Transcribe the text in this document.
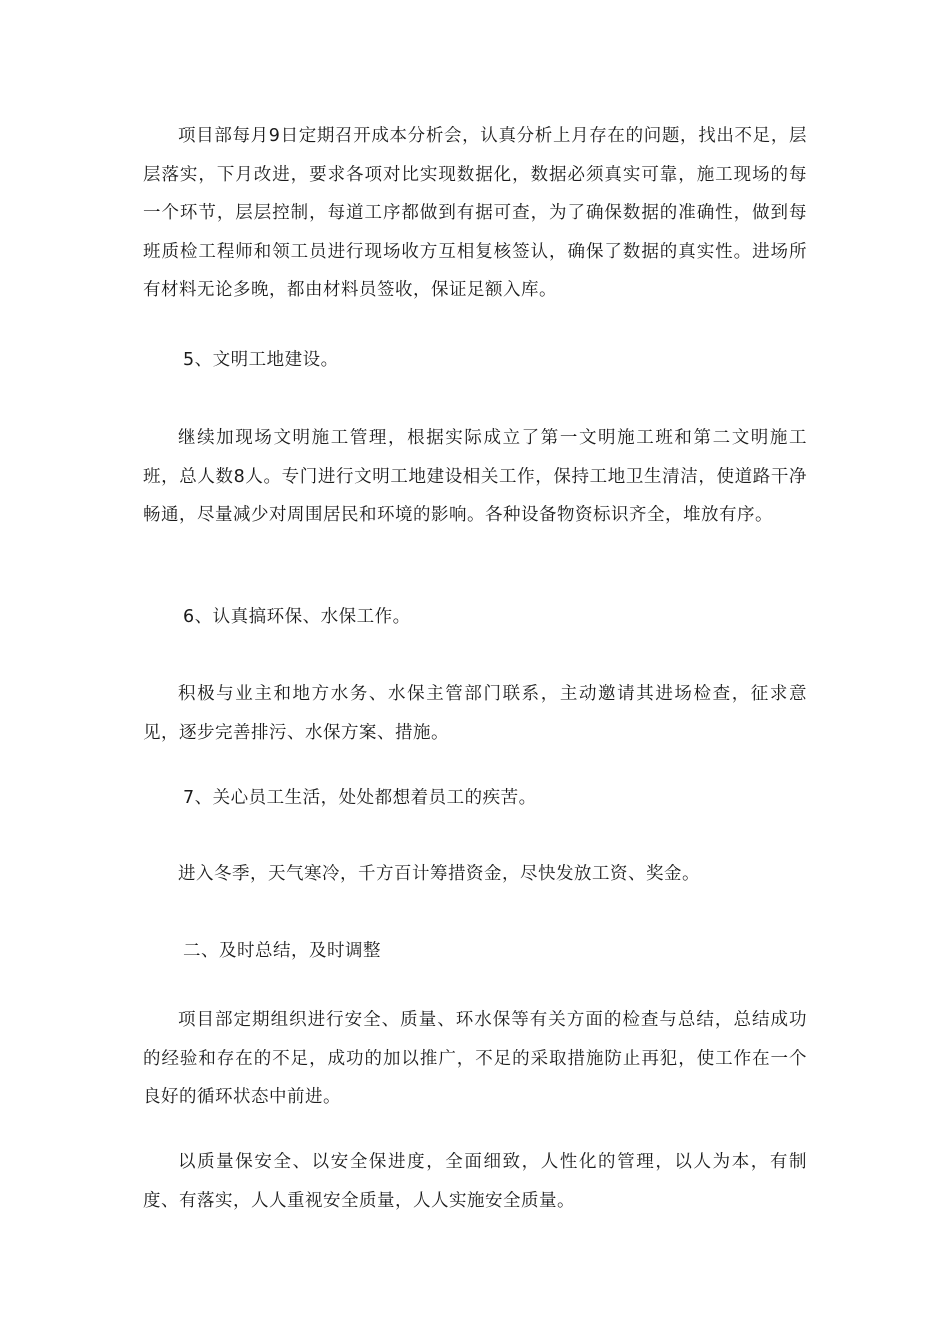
项目部每月9日定期召开成本分析会，认真分析上月存在的问题，找出不足，层层落实，下月改进，要求各项对比实现数据化，数据必须真实可靠，施工现场的每一个环节，层层控制，每道工序都做到有据可查，为了确保数据的准确性，做到每班质检工程师和领工员进行现场收方互相复核签认，确保了数据的真实性。进场所有材料无论多晚，都由材料员签收，保证足额入库。

5、文明工地建设。

继续加现场文明施工管理，根据实际成立了第一文明施工班和第二文明施工班，总人数8人。专门进行文明工地建设相关工作，保持工地卫生清洁，使道路干净畅通，尽量减少对周围居民和环境的影响。各种设备物资标识齐全，堆放有序。

6、认真搞环保、水保工作。

积极与业主和地方水务、水保主管部门联系，主动邀请其进场检查，征求意见，逐步完善排污、水保方案、措施。

7、关心员工生活，处处都想着员工的疾苦。

进入冬季，天气寒冷，千方百计筹措资金，尽快发放工资、奖金。

二、及时总结，及时调整

项目部定期组织进行安全、质量、环水保等有关方面的检查与总结，总结成功的经验和存在的不足，成功的加以推广，不足的采取措施防止再犯，使工作在一个良好的循环状态中前进。

以质量保安全、以安全保进度，全面细致，人性化的管理，以人为本，有制度、有落实，人人重视安全质量，人人实施安全质量。
